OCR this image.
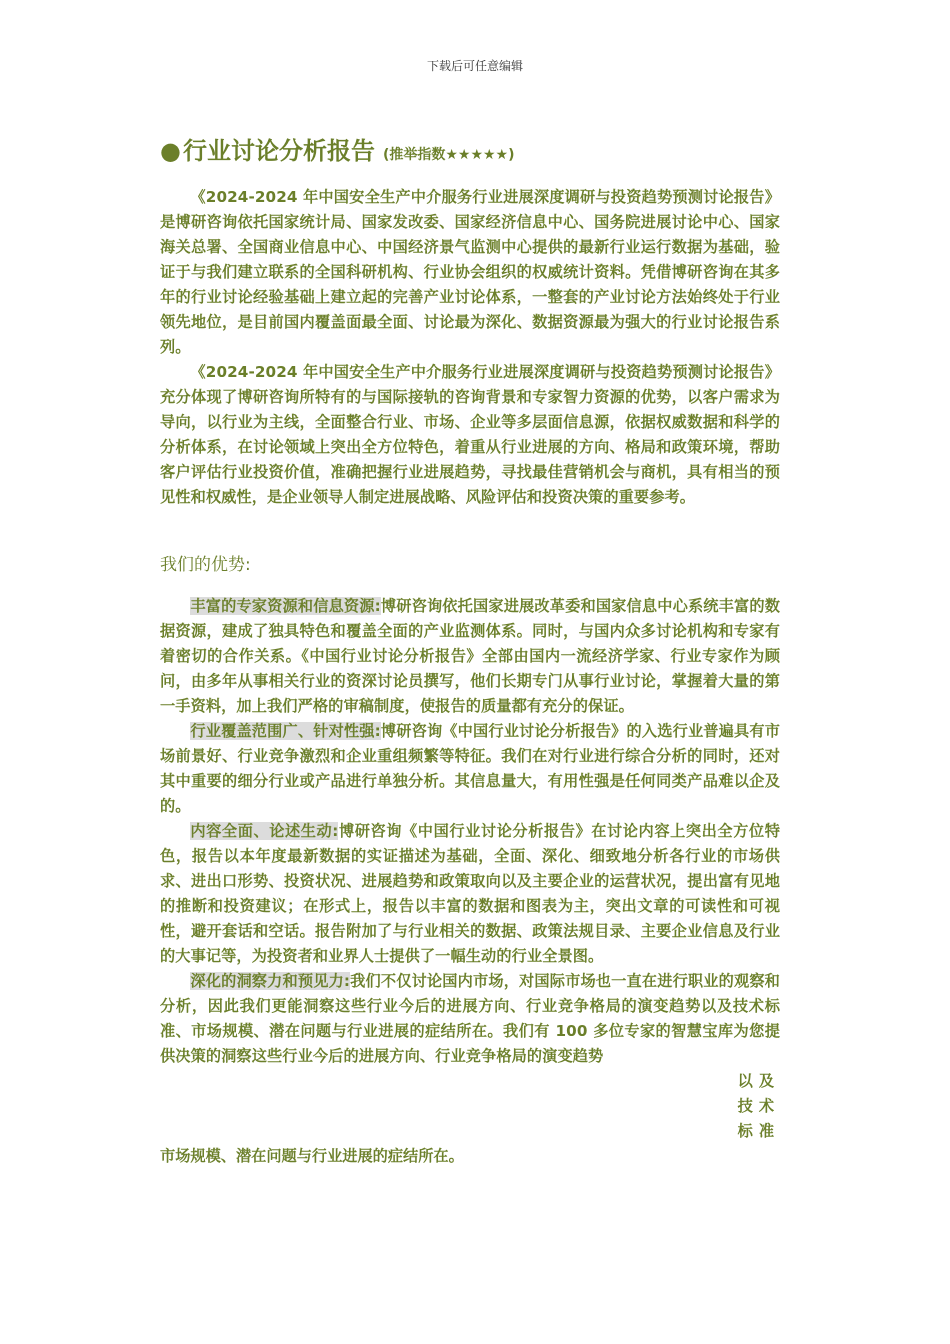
下载后可任意编辑
●行业讨论分析报告 (推举指数★★★★★)

《2024-2024 年中国安全生产中介服务行业进展深度调研与投资趋势预测讨论报告》是博研咨询依托国家统计局、国家发改委、国家经济信息中心、国务院进展讨论中心、国家海关总署、全国商业信息中心、中国经济景气监测中心提供的最新行业运行数据为基础，验证于与我们建立联系的全国科研机构、行业协会组织的权威统计资料。凭借博研咨询在其多年的行业讨论经验基础上建立起的完善产业讨论体系，一整套的产业讨论方法始终处于行业领先地位，是目前国内覆盖面最全面、讨论最为深化、数据资源最为强大的行业讨论报告系列。

《2024-2024 年中国安全生产中介服务行业进展深度调研与投资趋势预测讨论报告》充分体现了博研咨询所特有的与国际接轨的咨询背景和专家智力资源的优势，以客户需求为导向，以行业为主线，全面整合行业、市场、企业等多层面信息源，依据权威数据和科学的分析体系，在讨论领域上突出全方位特色，着重从行业进展的方向、格局和政策环境，帮助客户评估行业投资价值，准确把握行业进展趋势，寻找最佳营销机会与商机，具有相当的预见性和权威性，是企业领导人制定进展战略、风险评估和投资决策的重要参考。

我们的优势:

丰富的专家资源和信息资源:博研咨询依托国家进展改革委和国家信息中心系统丰富的数据资源，建成了独具特色和覆盖全面的产业监测体系。同时，与国内众多讨论机构和专家有着密切的合作关系。《中国行业讨论分析报告》全部由国内一流经济学家、行业专家作为顾问，由多年从事相关行业的资深讨论员撰写，他们长期专门从事行业讨论，掌握着大量的第一手资料，加上我们严格的审稿制度，使报告的质量都有充分的保证。

行业覆盖范围广、针对性强:博研咨询《中国行业讨论分析报告》的入选行业普遍具有市场前景好、行业竞争激烈和企业重组频繁等特征。我们在对行业进行综合分析的同时，还对其中重要的细分行业或产品进行单独分析。其信息量大，有用性强是任何同类产品难以企及的。

内容全面、论述生动:博研咨询《中国行业讨论分析报告》在讨论内容上突出全方位特色，报告以本年度最新数据的实证描述为基础，全面、深化、细致地分析各行业的市场供求、进出口形势、投资状况、进展趋势和政策取向以及主要企业的运营状况，提出富有见地的推断和投资建议；在形式上，报告以丰富的数据和图表为主，突出文章的可读性和可视性，避开套话和空话。报告附加了与行业相关的数据、政策法规目录、主要企业信息及行业的大事记等，为投资者和业界人士提供了一幅生动的行业全景图。

深化的洞察力和预见力:我们不仅讨论国内市场，对国际市场也一直在进行职业的观察和分析，因此我们更能洞察这些行业今后的进展方向、行业竞争格局的演变趋势以及技术标准、市场规模、潜在问题与行业进展的症结所在。我们有 100 多位专家的智慧宝库为您提供决策的洞察这些行业今后的进展方向、行业竞争格局的演变趋势

以及

技术

标准

市场规模、潜在问题与行业进展的症结所在。
